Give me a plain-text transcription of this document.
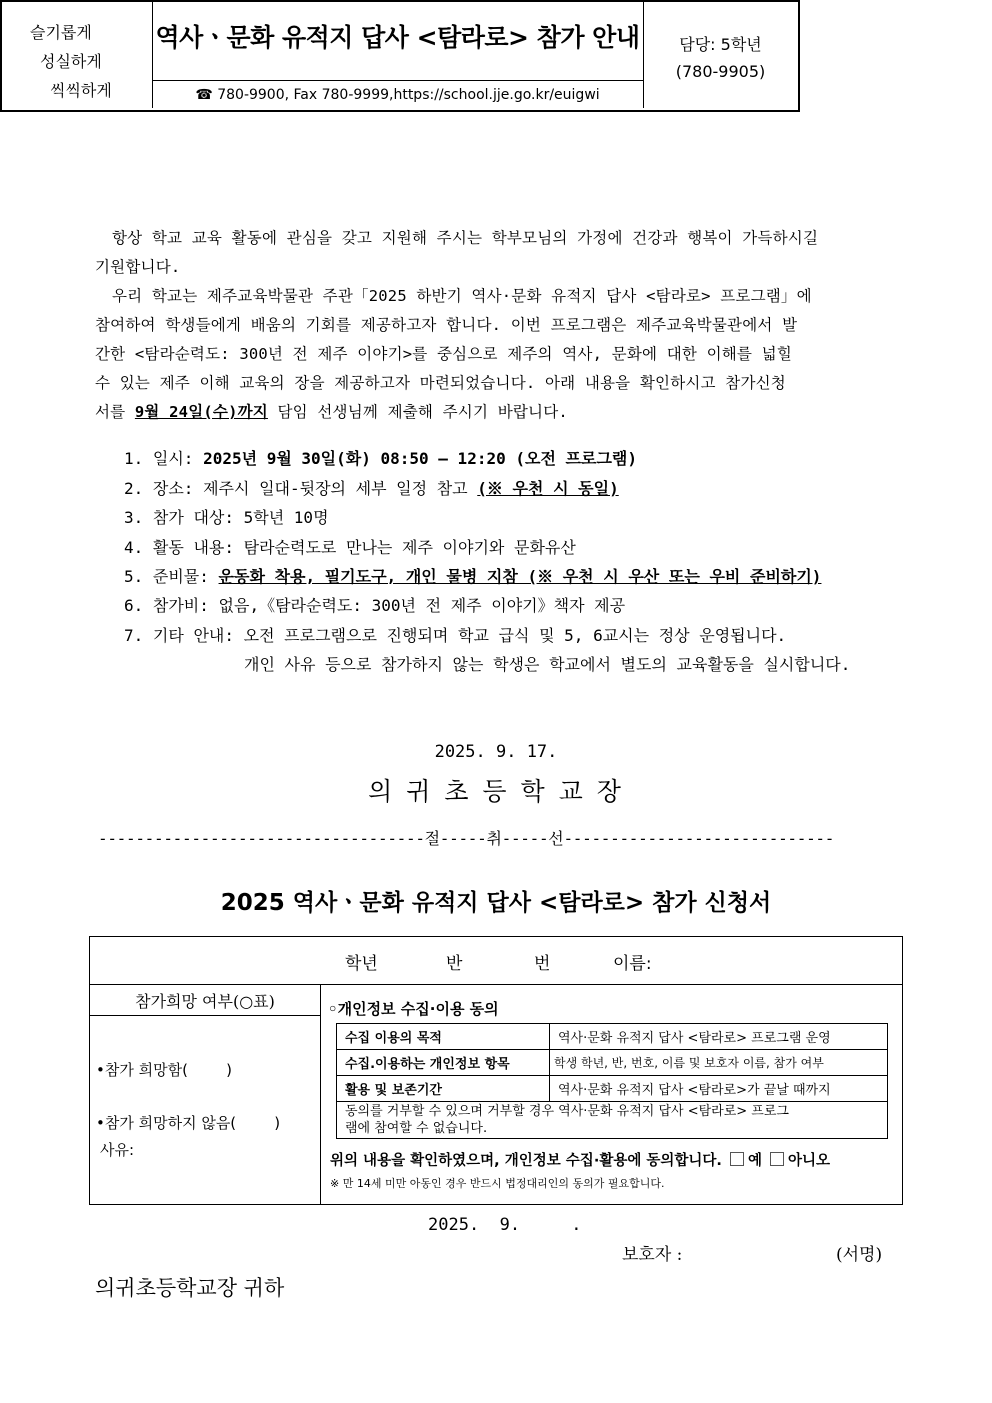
슬기롭게
성실하게
씩씩하게
역사ㆍ문화 유적지 답사 <탐라로> 참가 안내
☎ 780-9900, Fax 780-9999,https://school.jje.go.kr/euigwi
담당: 5학년
(780-9905)
항상 학교 교육 활동에 관심을 갖고 지원해 주시는 학부모님의 가정에 건강과 행복이 가득하시길
기원합니다.
우리 학교는 제주교육박물관 주관「2025 하반기 역사·문화 유적지 답사 <탐라로> 프로그램」에
참여하여 학생들에게 배움의 기회를 제공하고자 합니다. 이번 프로그램은 제주교육박물관에서 발
간한 <탐라순력도: 300년 전 제주 이야기>를 중심으로 제주의 역사, 문화에 대한 이해를 넓힐
수 있는 제주 이해 교육의 장을 제공하고자 마련되었습니다. 아래 내용을 확인하시고 참가신청
서를 9월 24일(수)까지 담임 선생님께 제출해 주시기 바랍니다.
1. 일시: 2025년 9월 30일(화) 08:50 – 12:20 (오전 프로그램)
2. 장소: 제주시 일대-뒷장의 세부 일정 참고 (※ 우천 시 동일)
3. 참가 대상: 5학년 10명
4. 활동 내용: 탐라순력도로 만나는 제주 이야기와 문화유산
5. 준비물: 운동화 착용, 필기도구, 개인 물병 지참 (※ 우천 시 우산 또는 우비 준비하기)
6. 참가비: 없음,《탐라순력도: 300년 전 제주 이야기》책자 제공
7. 기타 안내: 오전 프로그램으로 진행되며 학교 급식 및 5, 6교시는 정상 운영됩니다.
개인 사유 등으로 참가하지 않는 학생은 학교에서 별도의 교육활동을 실시합니다.
2025. 9. 17.
의 귀 초 등 학 교 장
-----------------------------------절-----취-----선-----------------------------
2025 역사ㆍ문화 유적지 답사 <탐라로> 참가 신청서
학년	반	번	이름:
참가희망 여부(○표)
•참가 희망함(        )
•참가 희망하지 않음(        )
사유:
◦개인정보 수집·이용 동의
수집 이용의 목적	역사·문화 유적지 답사 <탐라로> 프로그램 운영
수집.이용하는 개인정보 항목	학생 학년, 반, 번호, 이름 및 보호자 이름, 참가 여부
활용 및 보존기간	역사·문화 유적지 답사 <탐라로>가 끝날 때까지

동의를 거부할 수 있으며 거부할 경우 역사·문화 유적지 답사 <탐라로> 프로그
램에 참여할 수 없습니다.	
위의 내용을 확인하였으며, 개인정보 수집·활용에 동의합니다. 예 아니오
※ 만 14세 미만 아동인 경우 반드시 법정대리인의 동의가 필요합니다.
2025.  9.     .
보호자 :	(서명)
의귀초등학교장 귀하
